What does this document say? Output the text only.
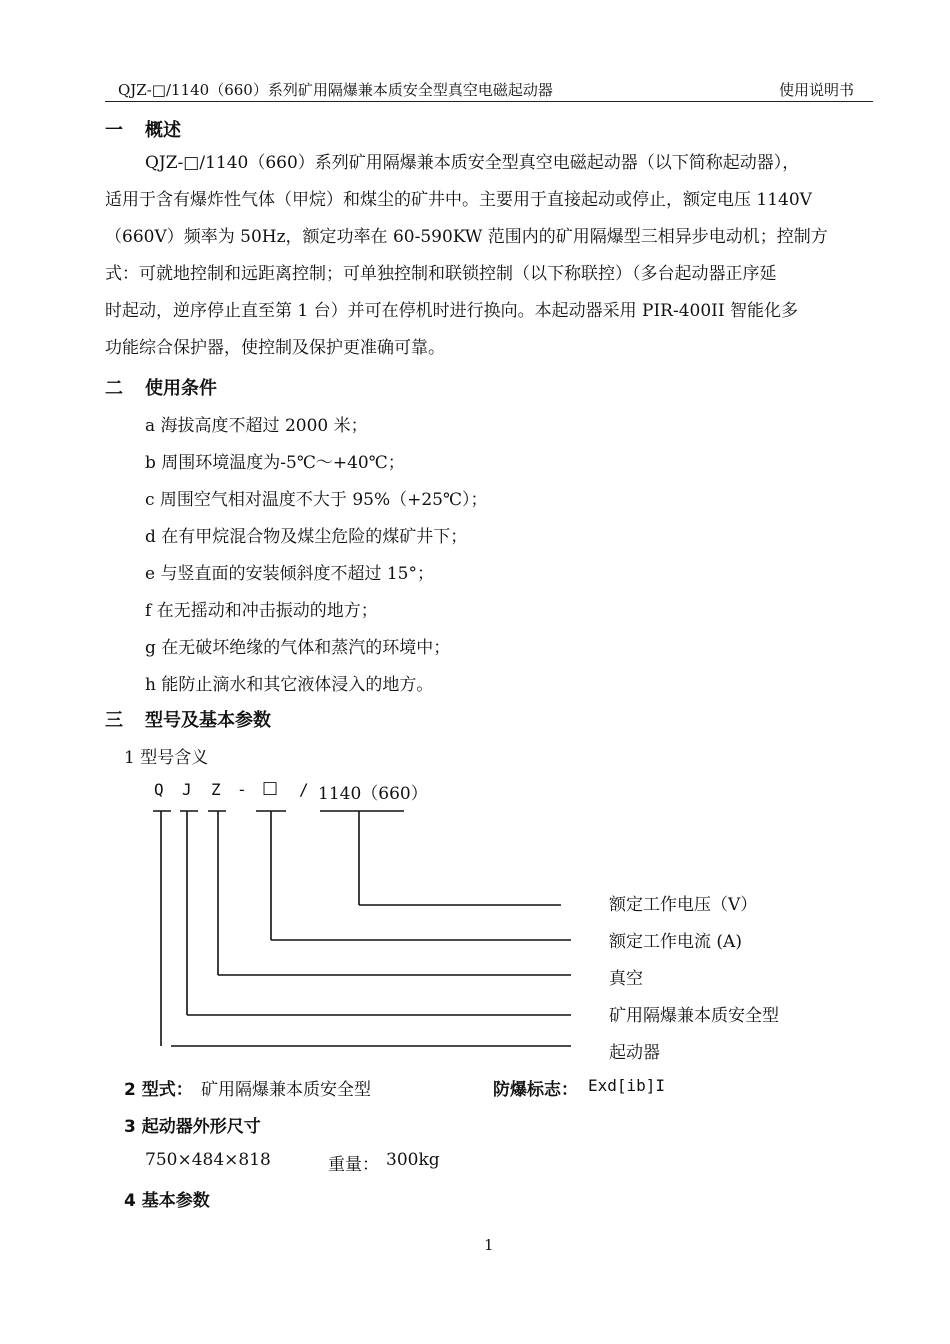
QJZ-□/1140（660）系列矿用隔爆兼本质安全型真空电磁起动器	使用说明书
一 概述
QJZ-□/1140（660）系列矿用隔爆兼本质安全型真空电磁起动器（以下简称起动器），
适用于含有爆炸性气体（甲烷）和煤尘的矿井中。主要用于直接起动或停止，额定电压 1140V
（660V）频率为 50Hz，额定功率在 60-590KW 范围内的矿用隔爆型三相异步电动机；控制方
式：可就地控制和远距离控制；可单独控制和联锁控制（以下称联控）（多台起动器正序延
时起动，逆序停止直至第 1 台）并可在停机时进行换向。本起动器采用 PIR-400II 智能化多
功能综合保护器，使控制及保护更准确可靠。
二 使用条件
a 海拔高度不超过 2000 米；
b 周围环境温度为-5℃～+40℃；
c 周围空气相对温度不大于 95%（+25℃）；
d 在有甲烷混合物及煤尘危险的煤矿井下；
e 与竖直面的安装倾斜度不超过 15°；
f 在无摇动和冲击振动的地方；
g 在无破坏绝缘的气体和蒸汽的环境中；
h 能防止滴水和其它液体浸入的地方。
三 型号及基本参数
1 型号含义
Q J Z - □ / 1140（660）
额定工作电压（V）
额定工作电流 (A)
真空
矿用隔爆兼本质安全型
起动器
2 型式： 矿用隔爆兼本质安全型	防爆标志： Exd[ib]I
3 起动器外形尺寸
750×484×818	重量： 300kg
4 基本参数
1
